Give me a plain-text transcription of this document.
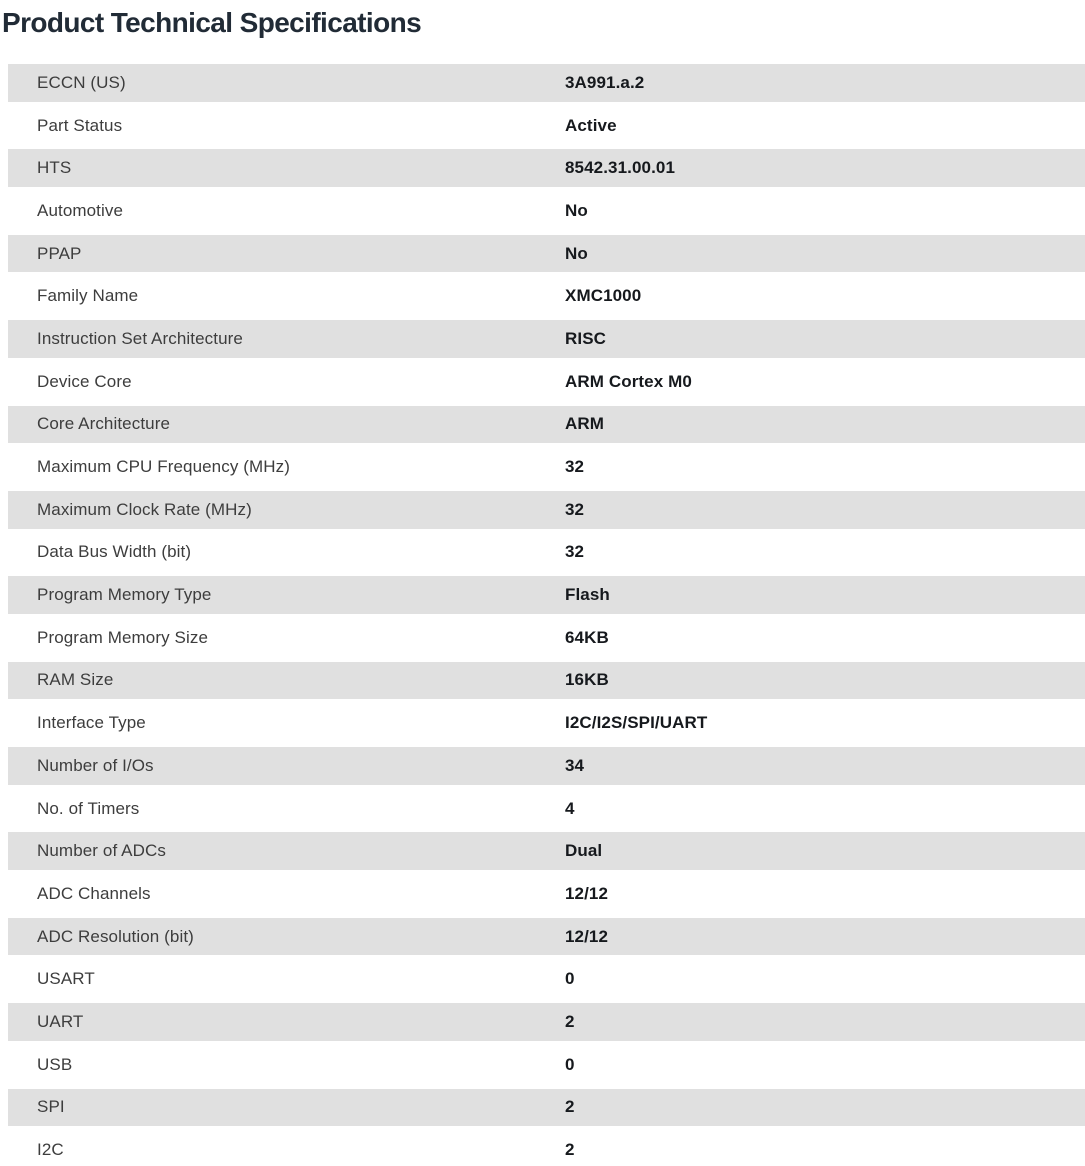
Product Technical Specifications
ECCN (US)	3A991.a.2
Part Status	Active
HTS	8542.31.00.01
Automotive	No
PPAP	No
Family Name	XMC1000
Instruction Set Architecture	RISC
Device Core	ARM Cortex M0
Core Architecture	ARM
Maximum CPU Frequency (MHz)	32
Maximum Clock Rate (MHz)	32
Data Bus Width (bit)	32
Program Memory Type	Flash
Program Memory Size	64KB
RAM Size	16KB
Interface Type	I2C/I2S/SPI/UART
Number of I/Os	34
No. of Timers	4
Number of ADCs	Dual
ADC Channels	12/12
ADC Resolution (bit)	12/12
USART	0
UART	2
USB	0
SPI	2
I2C	2
